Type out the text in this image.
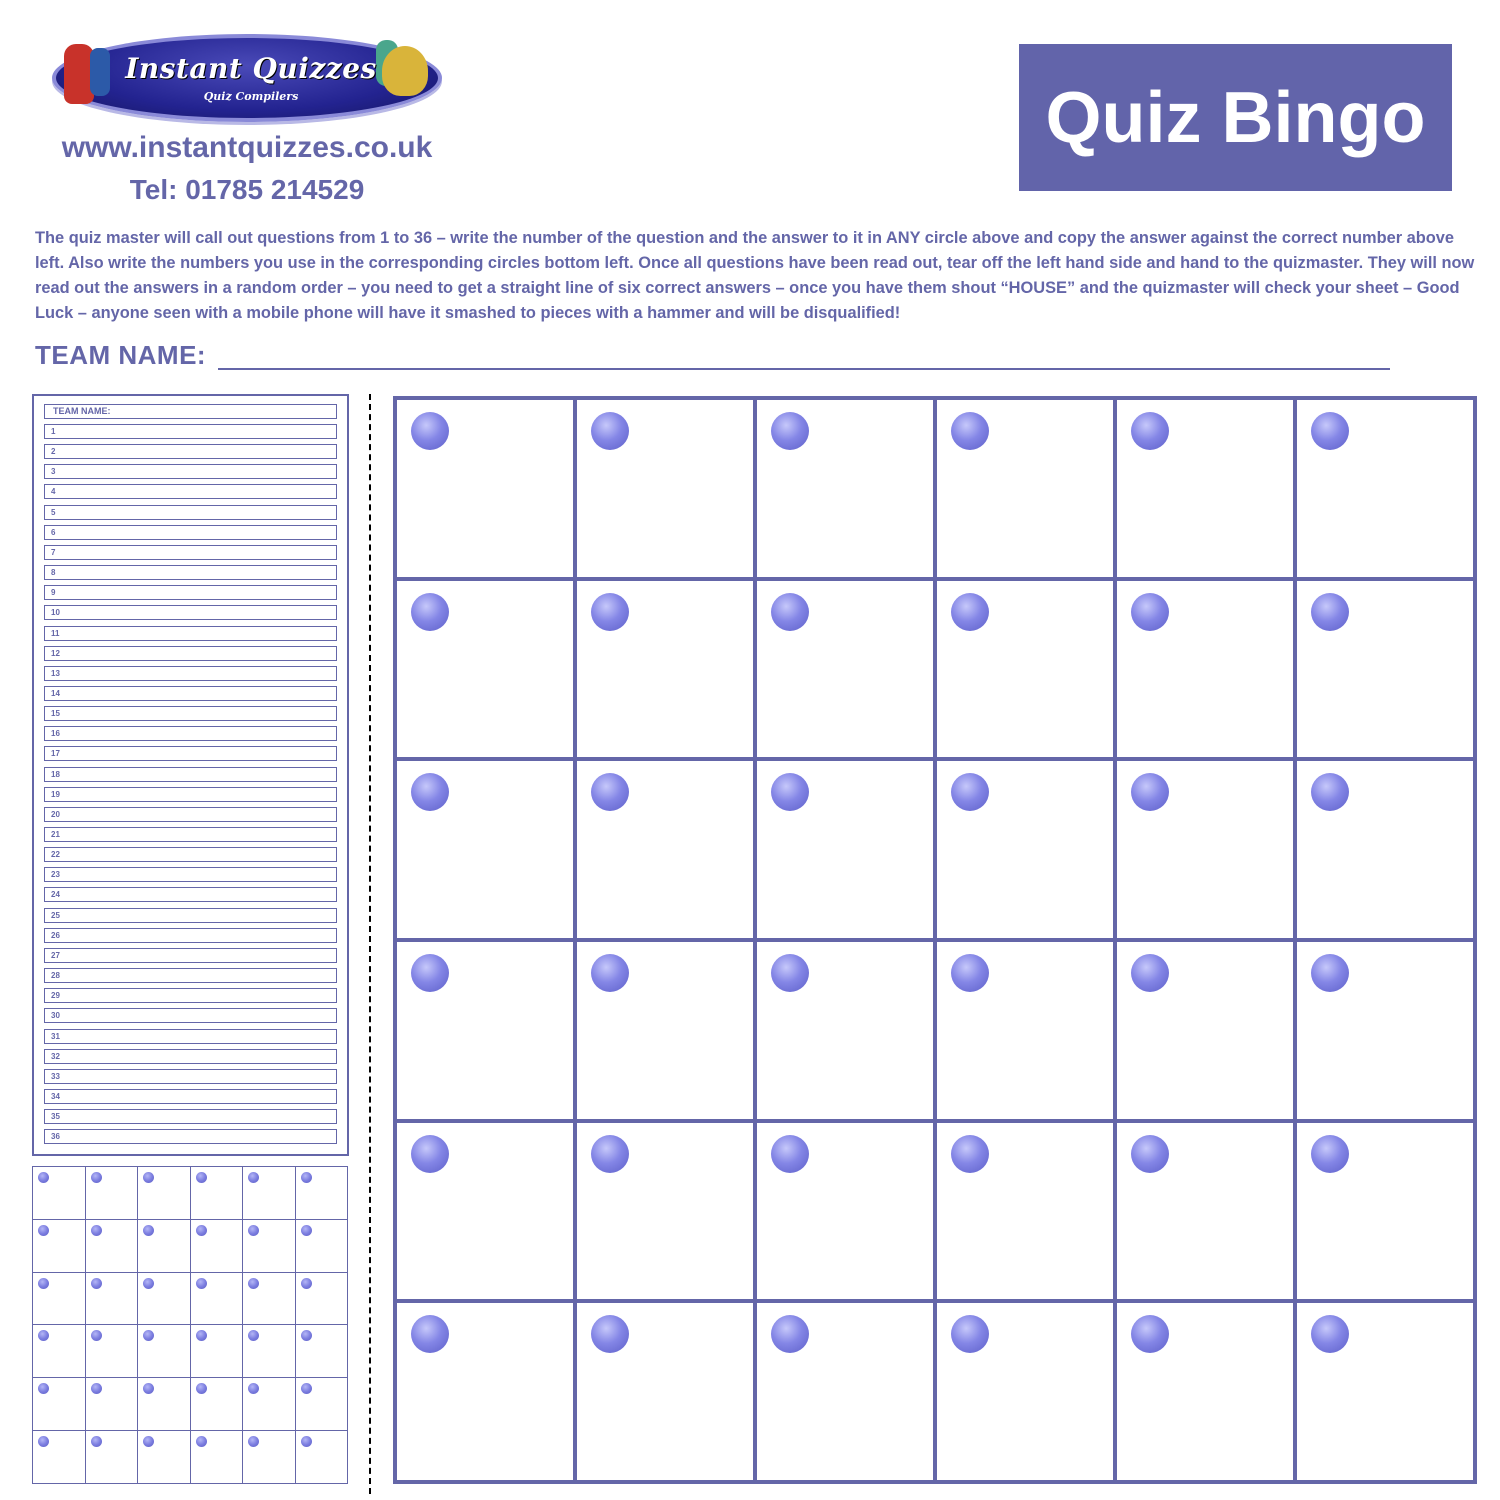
Instant Quizzes
Quiz Compilers
www.instantquizzes.co.uk
Tel: 01785 214529
Quiz Bingo

The quiz master will call out questions from 1 to 36 – write the number of the question and the answer to it in ANY circle above and copy the answer against the correct number above left. Also write the numbers you use in the corresponding circles bottom left. Once all questions have been read out, tear off the left hand side and hand to the quizmaster. They will now read out the answers in a random order – you need to get a straight line of six correct answers – once you have them shout “HOUSE” and the quizmaster will check your sheet – Good Luck – anyone seen with a mobile phone will have it smashed to pieces with a hammer and will be disqualified!

TEAM NAME:
TEAM NAME:
1
2
3
4
5
6
7
8
9
10
11
12
13
14
15
16
17
18
19
20
21
22
23
24
25
26
27
28
29
30
31
32
33
34
35
36
